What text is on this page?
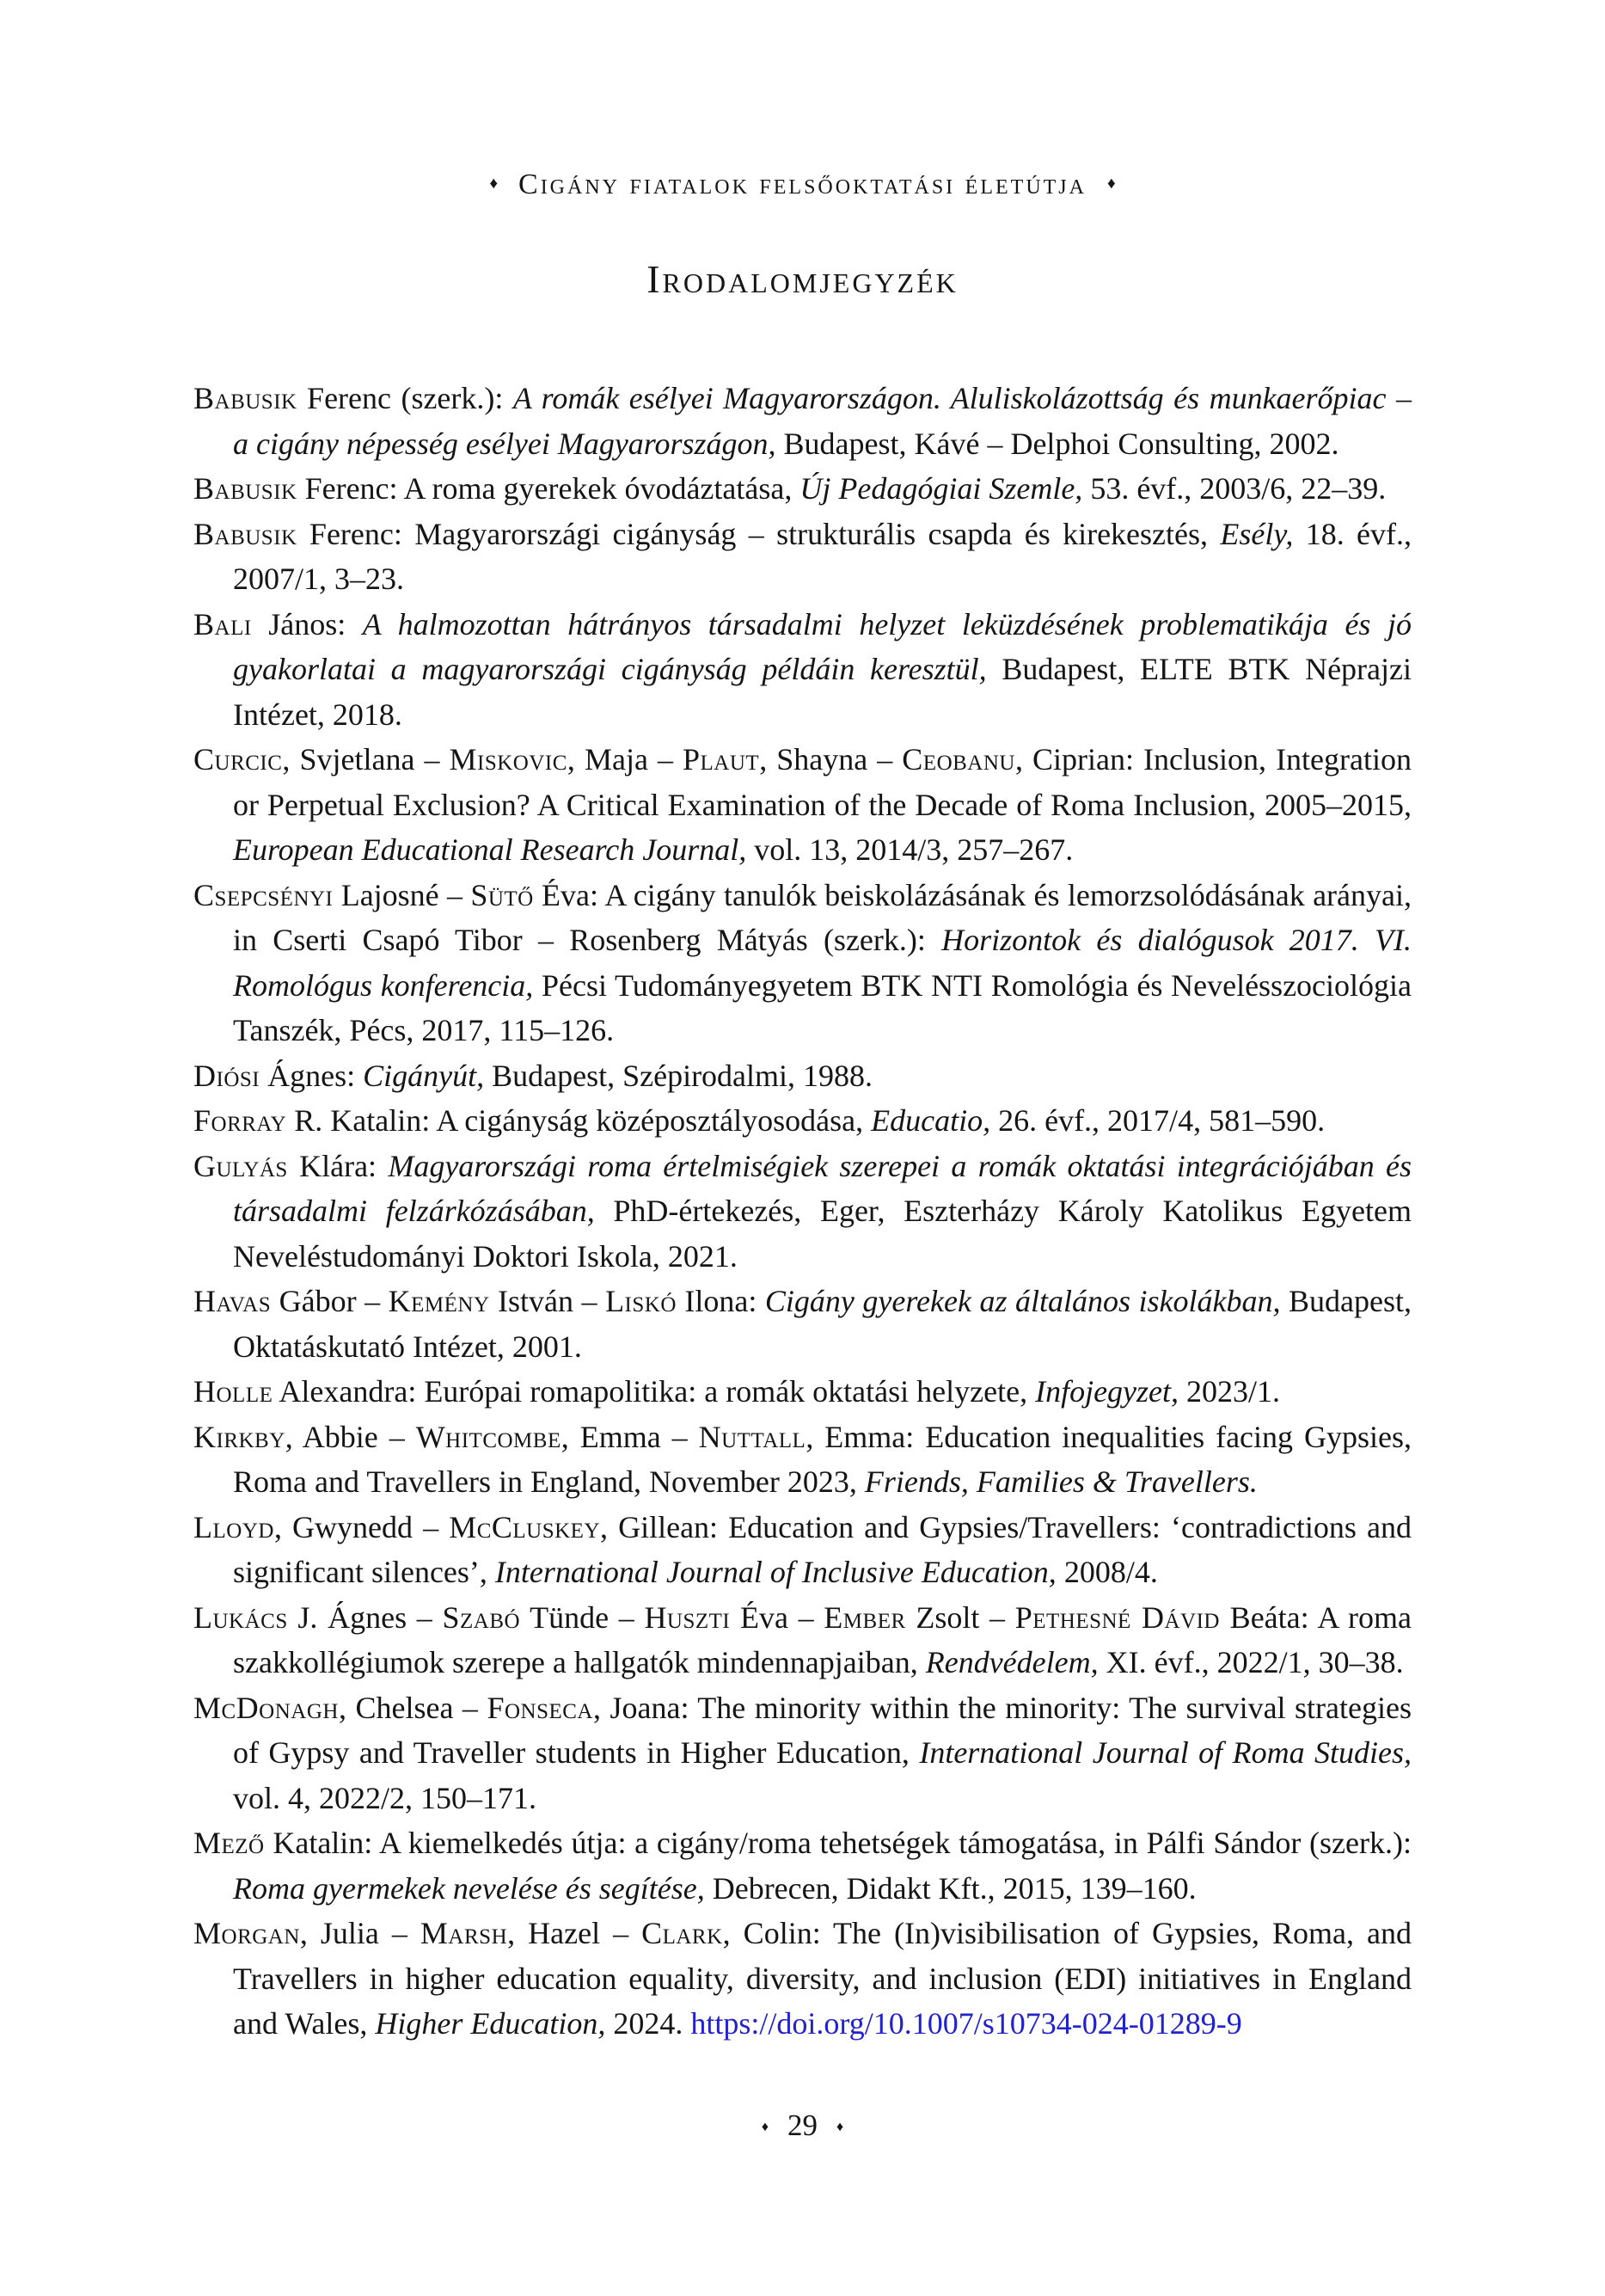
♦ Cigány fiatalok felsőoktatási életútja ♦
Irodalomjegyzék

Babusik Ferenc (szerk.): A romák esélyei Magyarországon. Aluliskolázottság és munkaerőpiac – a cigány népesség esélyei Magyarországon, Budapest, Kávé – Delphoi Consulting, 2002.

Babusik Ferenc: A roma gyerekek óvodáztatása, Új Pedagógiai Szemle, 53. évf., 2003/6, 22–39.

Babusik Ferenc: Magyarországi cigányság – strukturális csapda és kirekesztés, Esély, 18. évf., 2007/1, 3–23.

Bali János: A halmozottan hátrányos társadalmi helyzet leküzdésének problematikája és jó gyakorlatai a magyarországi cigányság példáin keresztül, Budapest, ELTE BTK Néprajzi Intézet, 2018.

Curcic, Svjetlana – Miskovic, Maja – Plaut, Shayna – Ceobanu, Ciprian: Inclusion, Integration or Perpetual Exclusion? A Critical Examination of the Decade of Roma Inclusion, 2005–2015, European Educational Research Journal, vol. 13, 2014/3, 257–267.

Csepcsényi Lajosné – Sütő Éva: A cigány tanulók beiskolázásának és lemorzsolódásának arányai, in Cserti Csapó Tibor – Rosenberg Mátyás (szerk.): Horizontok és dialógusok 2017. VI. Romológus konferencia, Pécsi Tudományegyetem BTK NTI Romológia és Nevelésszociológia Tanszék, Pécs, 2017, 115–126.

Diósi Ágnes: Cigányút, Budapest, Szépirodalmi, 1988.

Forray R. Katalin: A cigányság középosztályosodása, Educatio, 26. évf., 2017/4, 581–590.

Gulyás Klára: Magyarországi roma értelmiségiek szerepei a romák oktatási integrációjában és társadalmi felzárkózásában, PhD-értekezés, Eger, Eszterházy Károly Katolikus Egyetem Neveléstudományi Doktori Iskola, 2021.

Havas Gábor – Kemény István – Liskó Ilona: Cigány gyerekek az általános iskolákban, Budapest, Oktatáskutató Intézet, 2001.

Holle Alexandra: Európai romapolitika: a romák oktatási helyzete, Infojegyzet, 2023/1.

Kirkby, Abbie – Whitcombe, Emma – Nuttall, Emma: Education inequalities facing Gypsies, Roma and Travellers in England, November 2023, Friends, Families & Travellers.

Lloyd, Gwynedd – McCluskey, Gillean: Education and Gypsies/Travellers: ‘contradictions and significant silences’, International Journal of Inclusive Education, 2008/4.

Lukács J. Ágnes – Szabó Tünde – Huszti Éva – Ember Zsolt – Pethesné Dávid Beáta: A roma szakkollégiumok szerepe a hallgatók mindennapjaiban, Rendvédelem, XI. évf., 2022/1, 30–38.

McDonagh, Chelsea – Fonseca, Joana: The minority within the minority: The survival strategies of Gypsy and Traveller students in Higher Education, International Journal of Roma Studies, vol. 4, 2022/2, 150–171.

Mező Katalin: A kiemelkedés útja: a cigány/roma tehetségek támogatása, in Pálfi Sándor (szerk.): Roma gyermekek nevelése és segítése, Debrecen, Didakt Kft., 2015, 139–160.

Morgan, Julia – Marsh, Hazel – Clark, Colin: The (In)visibilisation of Gypsies, Roma, and Travellers in higher education equality, diversity, and inclusion (EDI) initiatives in England and Wales, Higher Education, 2024. https://doi.org/10.1007/s10734-024-01289-9

♦ 29 ♦
